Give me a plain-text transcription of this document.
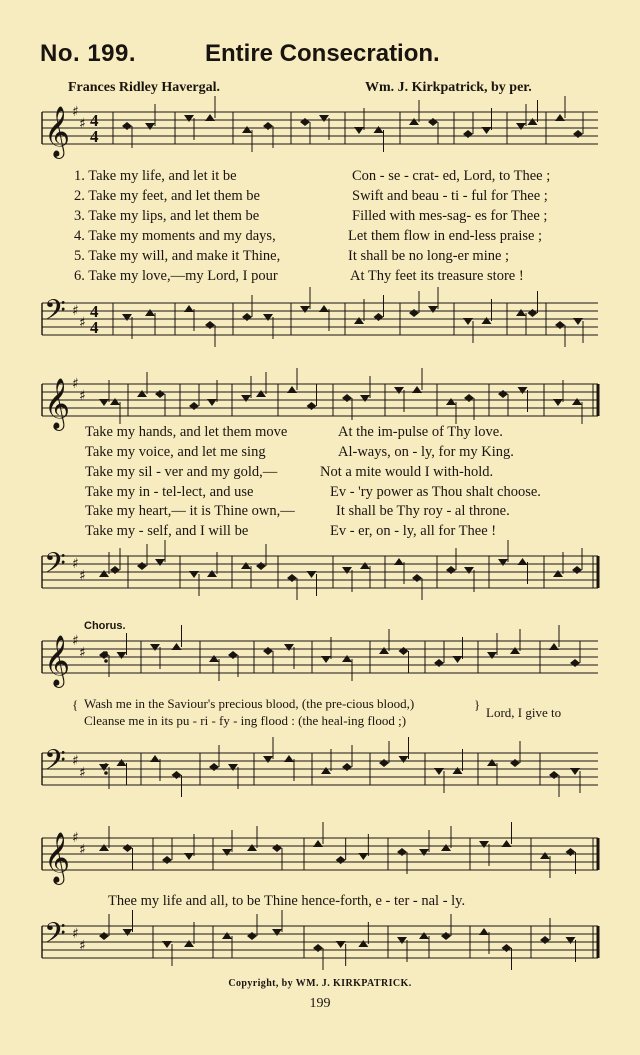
No. 199.	Entire Consecration.
Frances Ridley Havergal.	Wm. J. Kirkpatrick, by per.
𝄞 ♯
♯ 4
4
1. Take my life, and let it be	Con - se - crat- ed, Lord, to Thee ;
2. Take my feet, and let them be	Swift and beau - ti - ful for Thee ;
3. Take my lips, and let them be	Filled with mes-sag- es for Thee ;
4. Take my moments and my days,	Let them flow in end-less praise ;
5. Take my will, and make it Thine,	It shall be no long-er mine ;
6. Take my love,—my Lord, I pour	At Thy feet its treasure store !
𝄢 ♯
♯
4
4
𝄞 ♯
♯
Take my hands, and let them move	At the im-pulse of Thy love.
Take my voice, and let me sing	Al-ways, on - ly, for my King.
Take my sil - ver and my gold,—	Not a mite would I with-hold.
Take my in - tel-lect, and use	Ev - 'ry power as Thou shalt choose.
Take my heart,— it is Thine own,—	It shall be Thy roy - al throne.
Take my - self, and I will be	Ev - er, on - ly, all for Thee !
𝄢 ♯
♯
Chorus.
𝄞 ♯
♯
{ Wash me in the Saviour's precious blood, (the pre-cious blood,)
Cleanse me in its pu - ri - fy - ing flood : (the heal-ing flood ;)
}
Lord, I give to
𝄢 ♯
♯
𝄞 ♯
♯
Thee my life and all, to be Thine hence-forth, e - ter - nal - ly.
𝄢 ♯
♯
Copyright, by WM. J. KIRKPATRICK.
199
